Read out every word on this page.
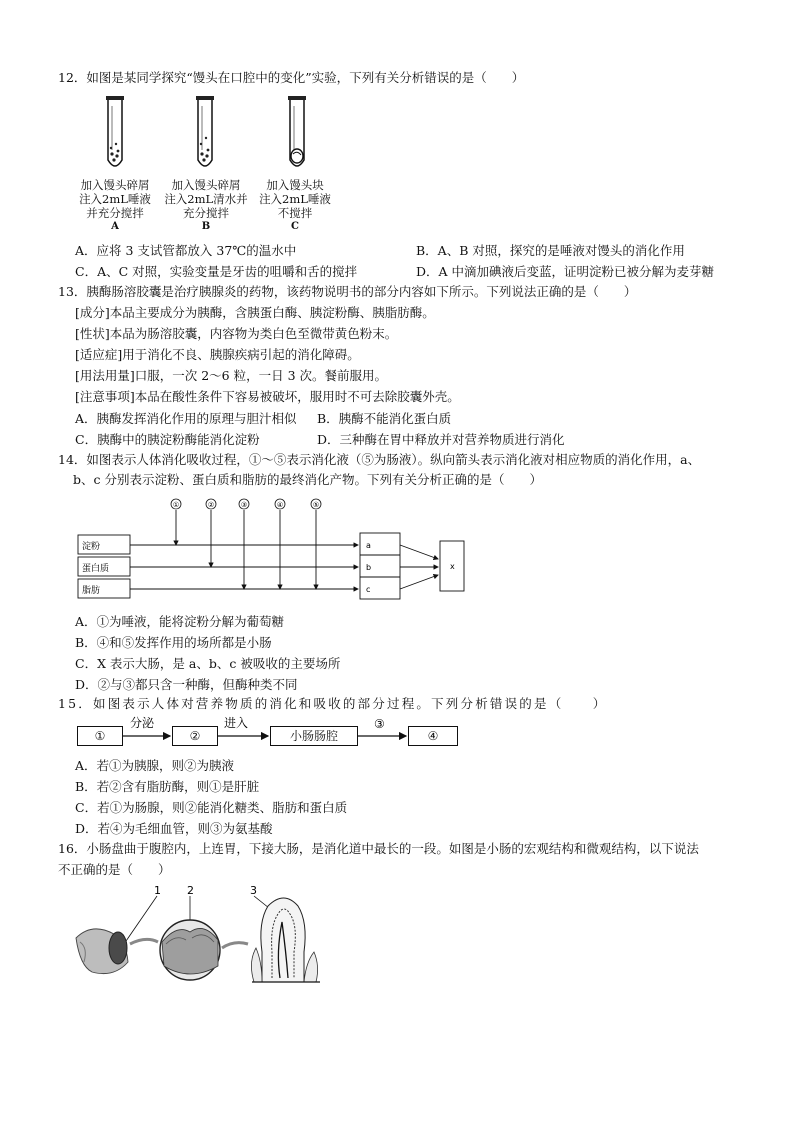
12．如图是某同学探究“馒头在口腔中的变化”实验，下列有关分析错误的是（　　）
加入馒头碎屑
注入2mL唾液
并充分搅拌
A
加入馒头碎屑
注入2mL清水并
充分搅拌
B
加入馒头块
注入2mL唾液
不搅拌
C
A．应将 3 支试管都放入 37℃的温水中	B．A、B 对照，探究的是唾液对馒头的消化作用
C．A、C 对照，实验变量是牙齿的咀嚼和舌的搅拌	D．A 中滴加碘液后变蓝，证明淀粉已被分解为麦芽糖
13．胰酶肠溶胶囊是治疗胰腺炎的药物，该药物说明书的部分内容如下所示。下列说法正确的是（　　）
[成分]本品主要成分为胰酶，含胰蛋白酶、胰淀粉酶、胰脂肪酶。
[性状]本品为肠溶胶囊，内容物为类白色至微带黄色粉末。
[适应症]用于消化不良、胰腺疾病引起的消化障碍。
[用法用量]口服，一次 2～6 粒，一日 3 次。餐前服用。
[注意事项]本品在酸性条件下容易被破坏，服用时不可去除胶囊外壳。
A．胰酶发挥消化作用的原理与胆汁相似 B．胰酶不能消化蛋白质
C．胰酶中的胰淀粉酶能消化淀粉	D．三种酶在胃中释放并对营养物质进行消化
14．如图表示人体消化吸收过程，①～⑤表示消化液（⑤为肠液）。纵向箭头表示消化液对相应物质的消化作用，a、
b、c 分别表示淀粉、蛋白质和脂肪的最终消化产物。下列有关分析正确的是（　　）
①	②	③	④	⑤
淀粉
蛋白质
脂肪
a
b
c
x
A．①为唾液，能将淀粉分解为葡萄糖
B．④和⑤发挥作用的场所都是小肠
C．X 表示大肠，是 a、b、c 被吸收的主要场所
D．②与③都只含一种酶，但酶种类不同
15．如图表示人体对营养物质的消化和吸收的部分过程。下列分析错误的是（　　）
①	②	小肠肠腔	④
分泌	进入	③
A．若①为胰腺，则②为胰液
B．若②含有脂肪酶，则①是肝脏
C．若①为肠腺，则②能消化糖类、脂肪和蛋白质
D．若④为毛细血管，则③为氨基酸
16．小肠盘曲于腹腔内，上连胃，下接大肠，是消化道中最长的一段。如图是小肠的宏观结构和微观结构，以下说法
不正确的是（　　）
1 2	3
